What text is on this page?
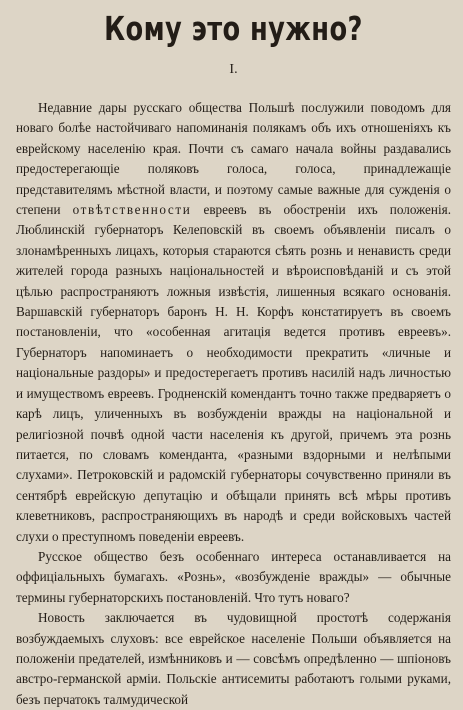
Кому это нужно?
I.

Недавние дары русскаго общества Польшѣ послужили поводомъ для новаго болѣе настойчиваго напоминанія полякамъ объ ихъ отношеніяхъ къ еврейскому населенію края. Почти съ самаго начала войны раздавались предостерегающіе поляковъ голоса, голоса, принадлежащіе представителямъ мѣстной власти, и поэтому самые важные для сужденія о степени отвѣтственности евреевъ въ обостреніи ихъ положенія. Люблинскій губернаторъ Келеповскій въ своемъ объявленіи писалъ о злонамѣренныхъ лицахъ, которыя стараются сѣять рознь и ненависть среди жителей города разныхъ національностей и вѣроисповѣданій и съ этой цѣлью распространяютъ ложныя извѣстія, лишенныя всякаго основанія. Варшавскій губернаторъ баронъ Н. Н. Корфъ констатируетъ въ своемъ постановленіи, что «особенная агитація ведется противъ евреевъ». Губернаторъ напоминаетъ о необходимости прекратить «личные и національные раздоры» и предостерегаетъ противъ насилій надъ личностью и имуществомъ евреевъ. Гродненскій комендантъ точно также предваряетъ о карѣ лицъ, уличенныхъ въ возбужденіи вражды на національной и религіозной почвѣ одной части населенія къ другой, причемъ эта рознь питается, по словамъ коменданта, «разными вздорными и нелѣпыми слухами». Петроковскій и радомскій губернаторы сочувственно приняли въ сентябрѣ еврейскую депутацію и обѣщали принять всѣ мѣры противъ клеветниковъ, распространяющихъ въ народѣ и среди войсковыхъ частей слухи о преступномъ поведеніи евреевъ.

Русское общество безъ особеннаго интереса останавливается на оффиціальныхъ бумагахъ. «Рознь», «возбужденіе вражды» — обычные термины губернаторскихъ постановленій. Что тутъ новаго?

Новость заключается въ чудовищной простотѣ содержанія возбуждаемыхъ слуховъ: все еврейское населеніе Польши объявляется на положеніи предателей, измѣнниковъ и — совсѣмъ опредѣленно — шпіоновъ австро-германской арміи. Польскіе антисемиты работаютъ голыми руками, безъ перчатокъ талмудической
